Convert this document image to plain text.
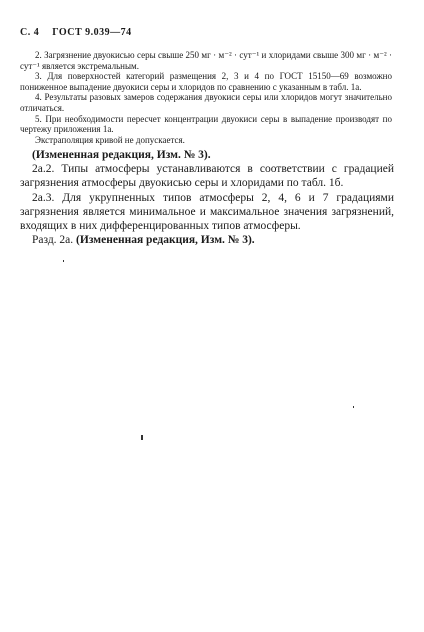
С. 4 ГОСТ 9.039—74

2. Загрязнение двуокисью серы свыше 250 мг · м⁻² · сут⁻¹ и хлоридами свыше 300 мг · м⁻² · сут⁻¹ является экстремальным.

3. Для поверхностей категорий размещения 2, 3 и 4 по ГОСТ 15150—69 возможно пониженное выпадение двуокиси серы и хлоридов по сравнению с указанным в табл. 1а.

4. Результаты разовых замеров содержания двуокиси серы или хлоридов могут значительно отличаться.

5. При необходимости пересчет концентрации двуокиси серы в выпадение производят по чертежу приложения 1а.

Экстраполяция кривой не допускается.

(Измененная редакция, Изм. № 3).

2а.2. Типы атмосферы устанавливаются в соответствии с градацией загрязнения атмосферы двуокисью серы и хлоридами по табл. 1б.

2а.3. Для укрупненных типов атмосферы 2, 4, 6 и 7 градациями загрязнения является минимальное и максимальное значения загрязнений, входящих в них дифференцированных типов атмосферы.

Разд. 2а. (Измененная редакция, Изм. № 3).
